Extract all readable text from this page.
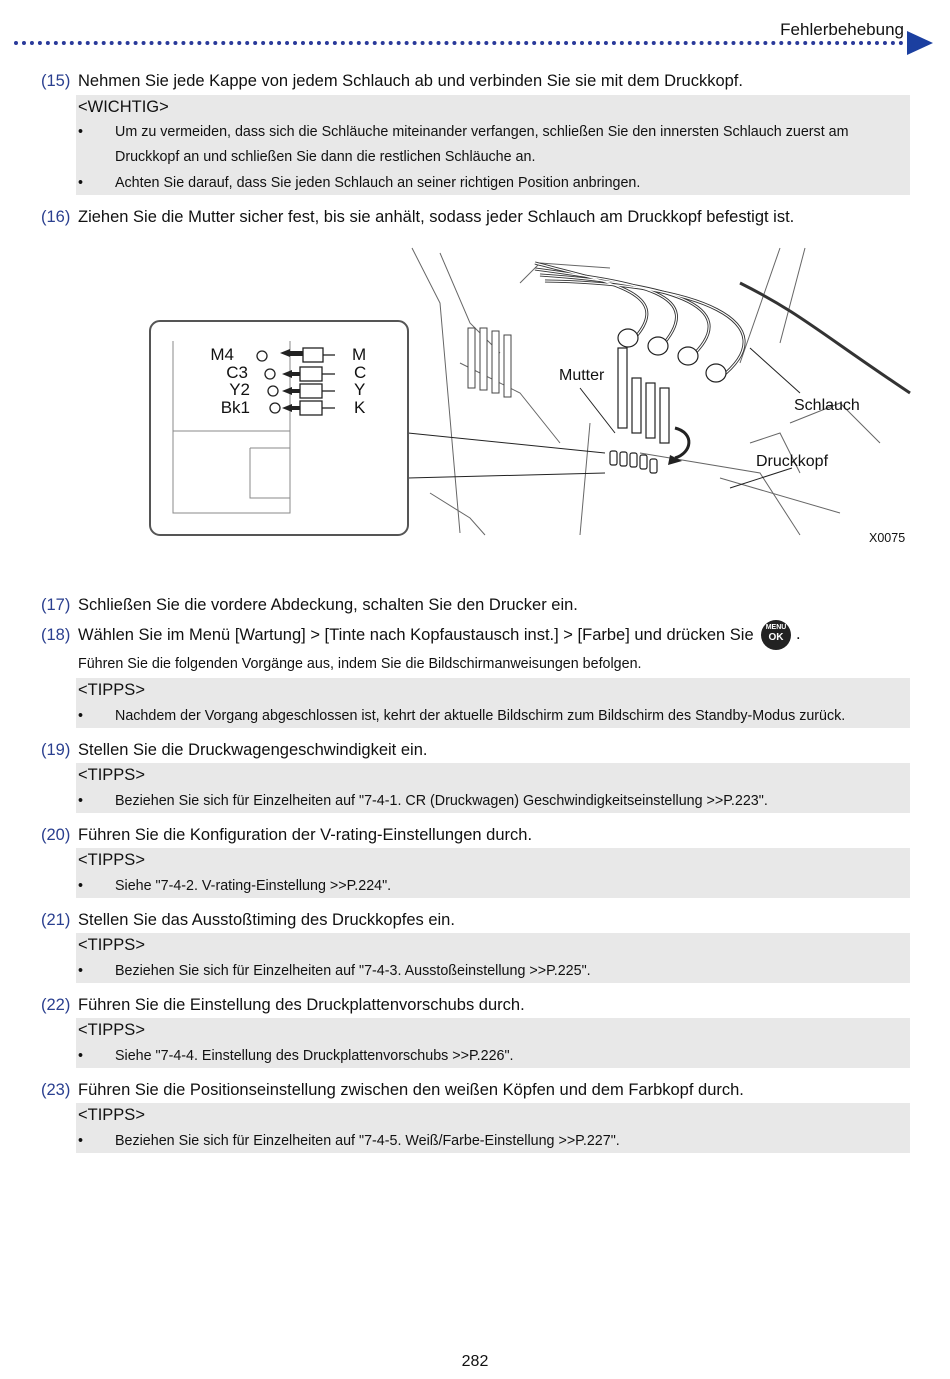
Fehlerbehebung
(15) Nehmen Sie jede Kappe von jedem Schlauch ab und verbinden Sie sie mit dem Druckkopf.
<WICHTIG>
• Um zu vermeiden, dass sich die Schläuche miteinander verfangen, schließen Sie den innersten Schlauch zuerst am
Druckkopf an und schließen Sie dann die restlichen Schläuche an.
• Achten Sie darauf, dass Sie jeden Schlauch an seiner richtigen Position anbringen.
(16) Ziehen Sie die Mutter sicher fest, bis sie anhält, sodass jeder Schlauch am Druckkopf befestigt ist.
M4
C3
Y2
Bk1
M
C
Y
K
Mutter
Schlauch
Druckkopf
X0075
(17) Schließen Sie die vordere Abdeckung, schalten Sie den Drucker ein.
(18) Wählen Sie im Menü [Wartung] > [Tinte nach Kopfaustausch inst.] > [Farbe] und drücken Sie	MENU
OK .
Führen Sie die folgenden Vorgänge aus, indem Sie die Bildschirmanweisungen befolgen.
<TIPPS>
• Nachdem der Vorgang abgeschlossen ist, kehrt der aktuelle Bildschirm zum Bildschirm des Standby-Modus zurück.
(19) Stellen Sie die Druckwagengeschwindigkeit ein.
<TIPPS>
• Beziehen Sie sich für Einzelheiten auf "7-4-1. CR (Druckwagen) Geschwindigkeitseinstellung >>P.223".
(20) Führen Sie die Konfiguration der V-rating-Einstellungen durch.
<TIPPS>
• Siehe "7-4-2. V-rating-Einstellung >>P.224".
(21) Stellen Sie das Ausstoßtiming des Druckkopfes ein.
<TIPPS>
• Beziehen Sie sich für Einzelheiten auf "7-4-3. Ausstoßeinstellung >>P.225".
(22) Führen Sie die Einstellung des Druckplattenvorschubs durch.
<TIPPS>
• Siehe "7-4-4. Einstellung des Druckplattenvorschubs >>P.226".
(23) Führen Sie die Positionseinstellung zwischen den weißen Köpfen und dem Farbkopf durch.
<TIPPS>
• Beziehen Sie sich für Einzelheiten auf "7-4-5. Weiß/Farbe-Einstellung >>P.227".
282
